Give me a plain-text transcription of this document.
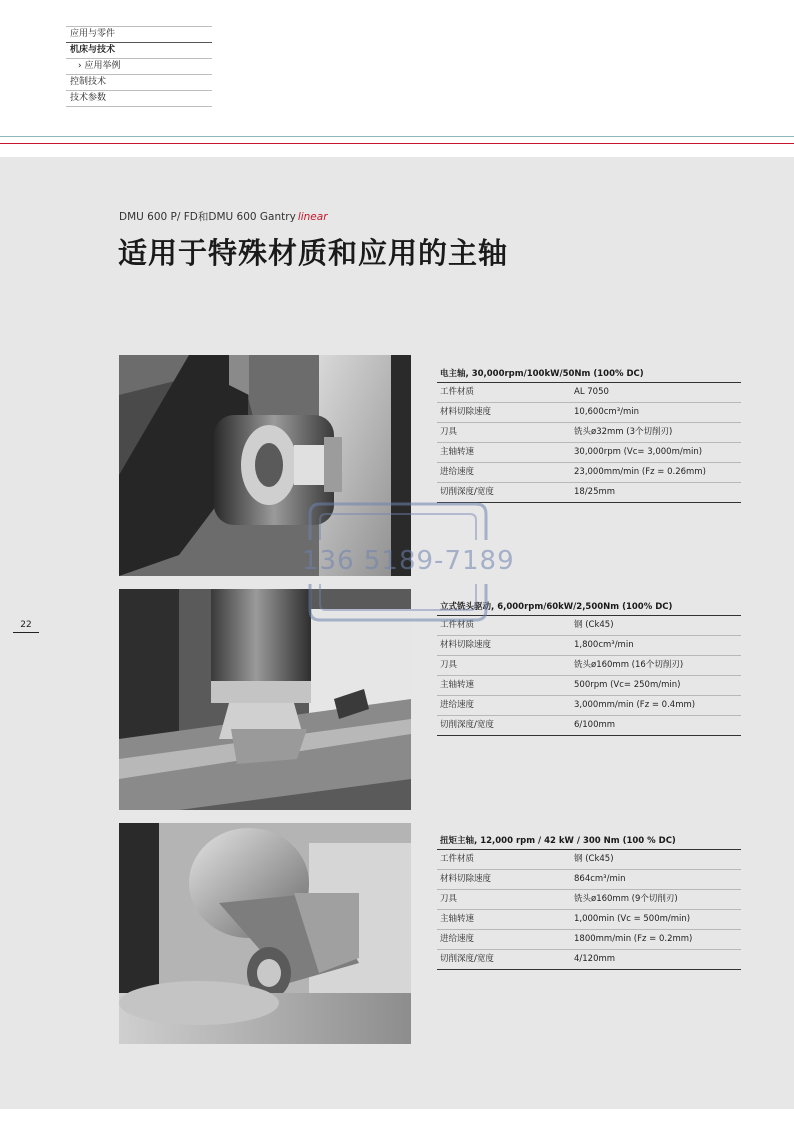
应用与零件
机床与技术
› 应用举例
控制技术
技术参数
DMU 600 P/ FD和DMU 600 Gantry linear
适用于特殊材质和应用的主轴
22
电主轴, 30,000rpm/100kW/50Nm (100% DC)
工件材质	AL 7050
材料切除速度	10,600cm³/min
刀具	铣头ø32mm (3个切削刃)
主轴转速	30,000rpm (Vc= 3,000m/min)
进给速度	23,000mm/min (Fz = 0.26mm)
切削深度/宽度	18/25mm
立式铣头驱动, 6,000rpm/60kW/2,500Nm (100% DC)
工件材质	钢 (Ck45)
材料切除速度	1,800cm³/min
刀具	铣头ø160mm (16个切削刃)
主轴转速	500rpm (Vc= 250m/min)
进给速度	3,000mm/min (Fz = 0.4mm)
切削深度/宽度	6/100mm
扭矩主轴, 12,000 rpm / 42 kW / 300 Nm (100 % DC)
工件材质	钢 (Ck45)
材料切除速度	864cm³/min
刀具	铣头ø160mm (9个切削刃)
主轴转速	1,000min (Vc = 500m/min)
进给速度	1800mm/min (Fz = 0.2mm)
切削深度/宽度	4/120mm
136 5189-7189
